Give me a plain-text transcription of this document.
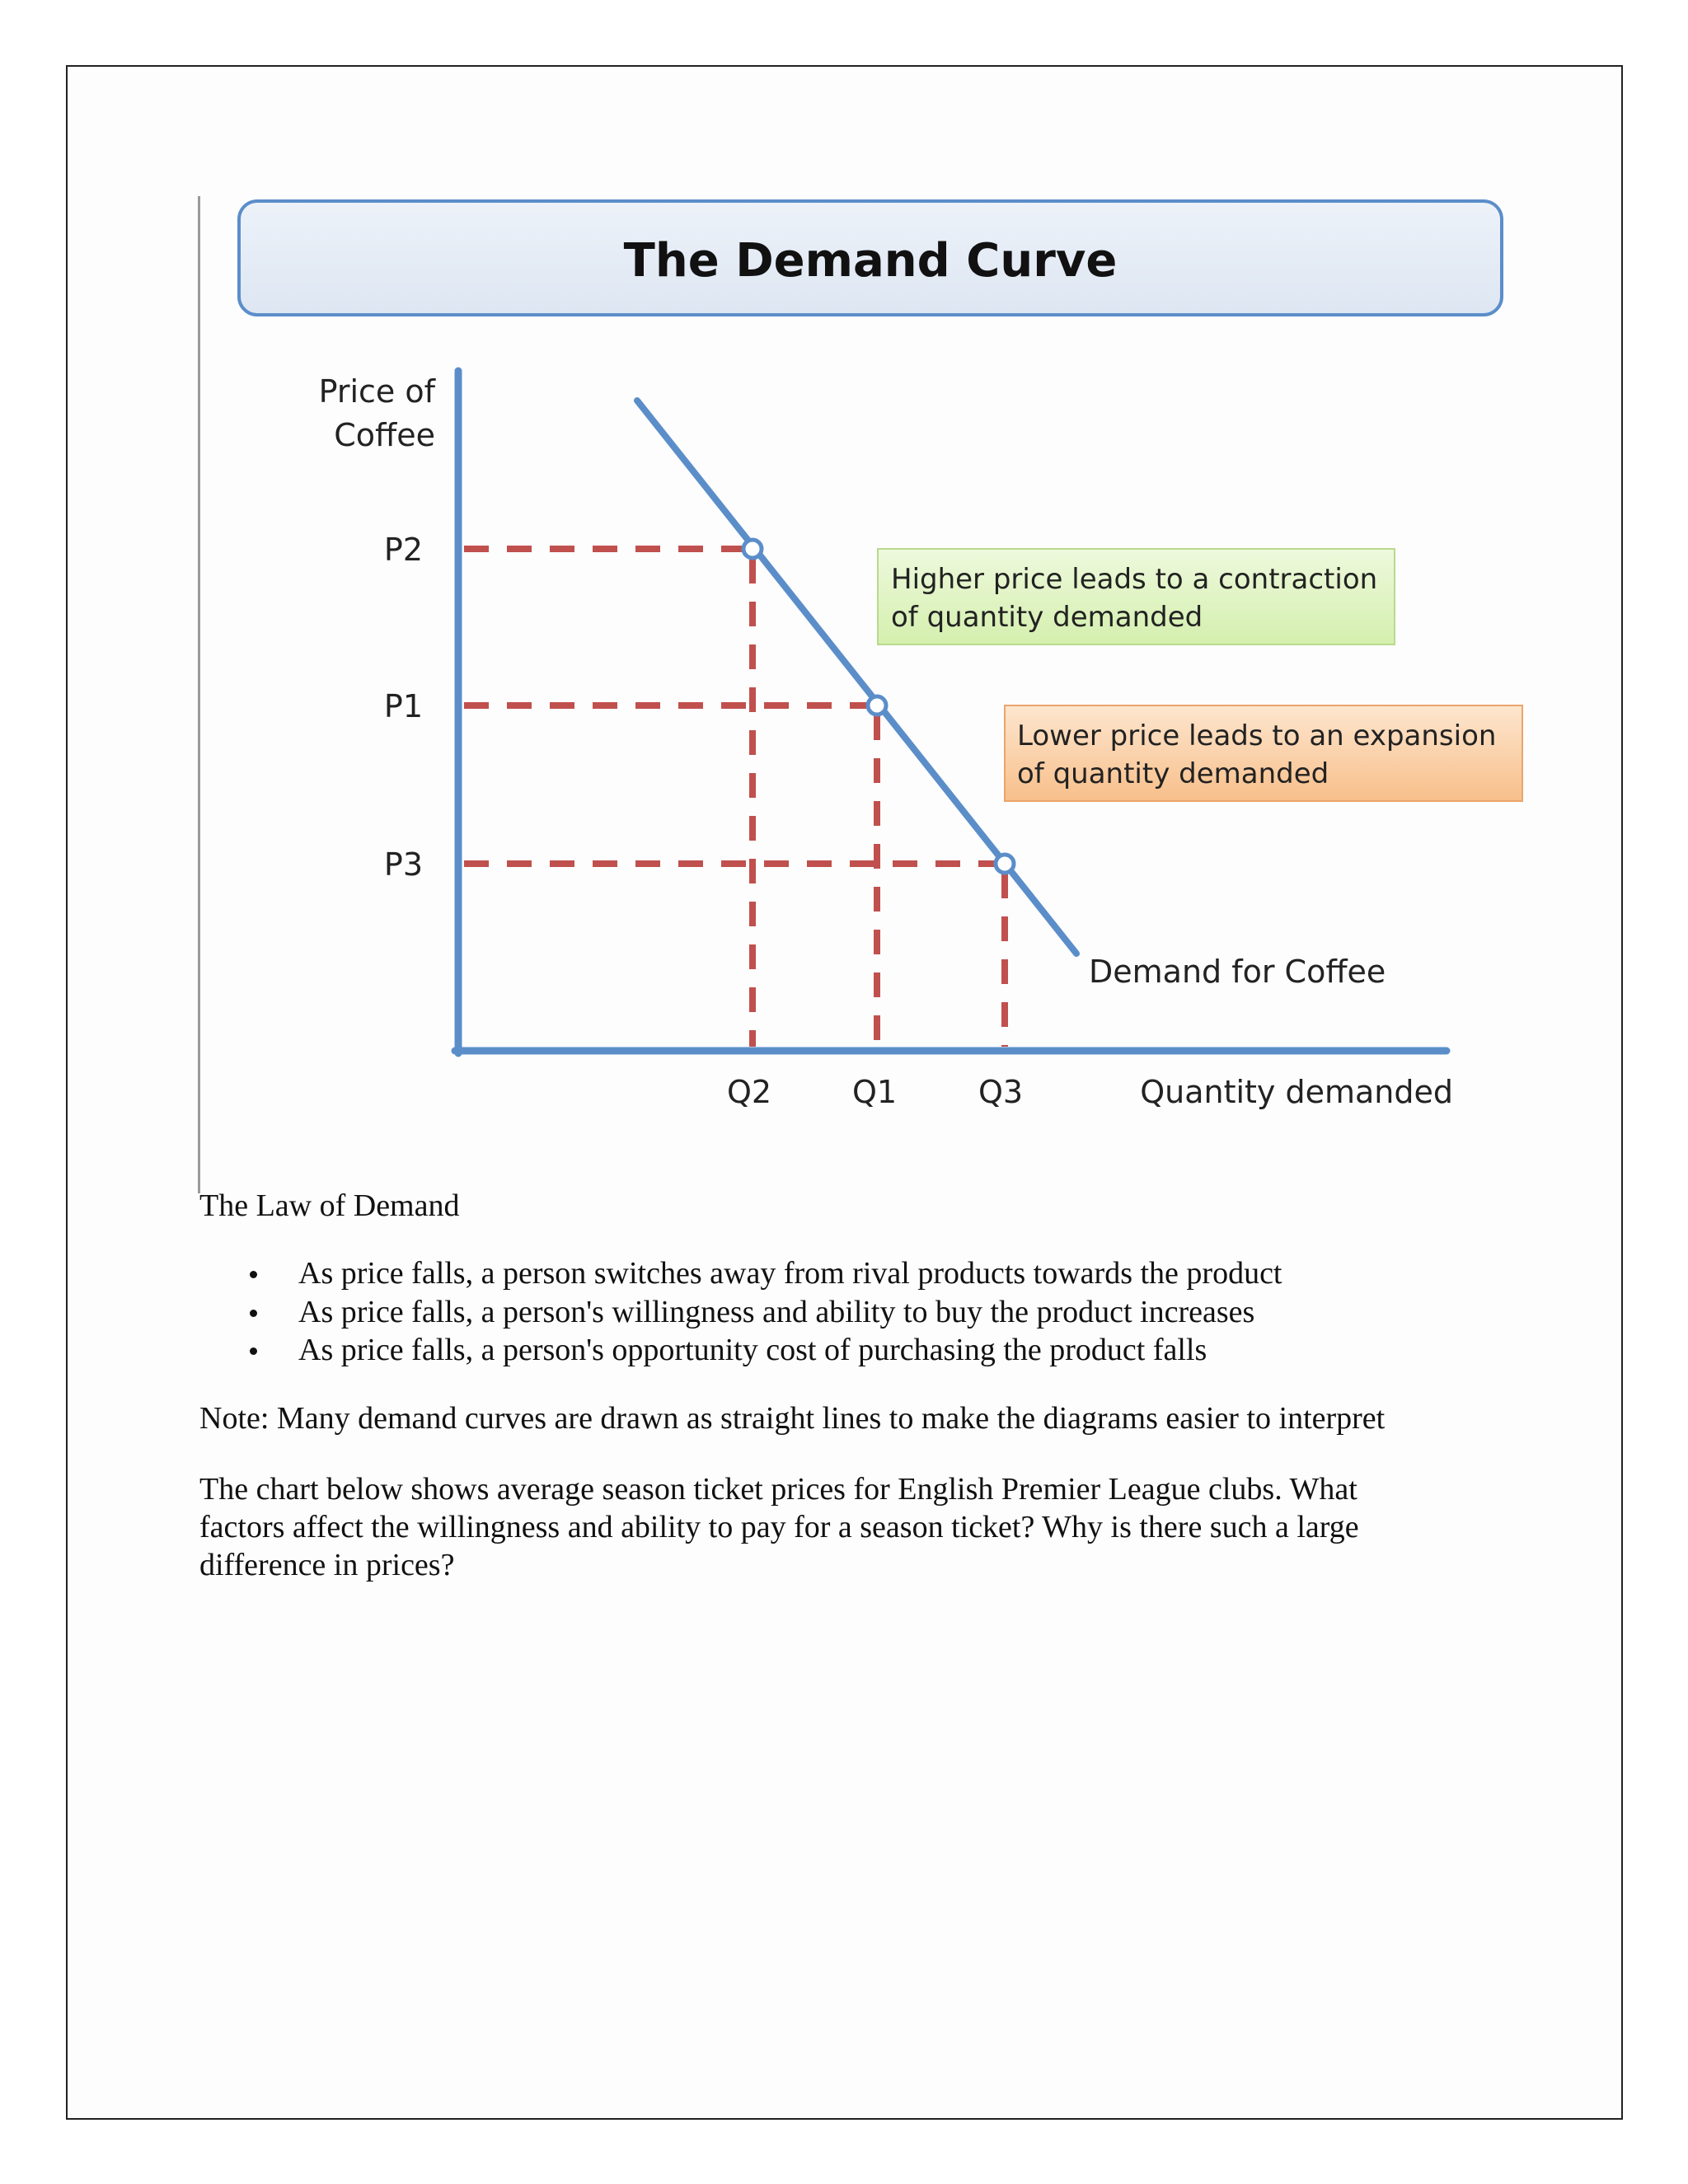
The Demand Curve
Price of
Coffee
P2
P1
P3
Q2	Q1	Q3	Quantity demanded
Demand for Coffee
Higher price leads to a contraction
of quantity demanded
Lower price leads to an expansion
of quantity demanded

The Law of Demand

As price falls, a person switches away from rival products towards the product
As price falls, a person's willingness and ability to buy the product increases
As price falls, a person's opportunity cost of purchasing the product falls

Note: Many demand curves are drawn as straight lines to make the diagrams easier to interpret

The chart below shows average season ticket prices for English Premier League clubs. What
factors affect the willingness and ability to pay for a season ticket? Why is there such a large
difference in prices?
